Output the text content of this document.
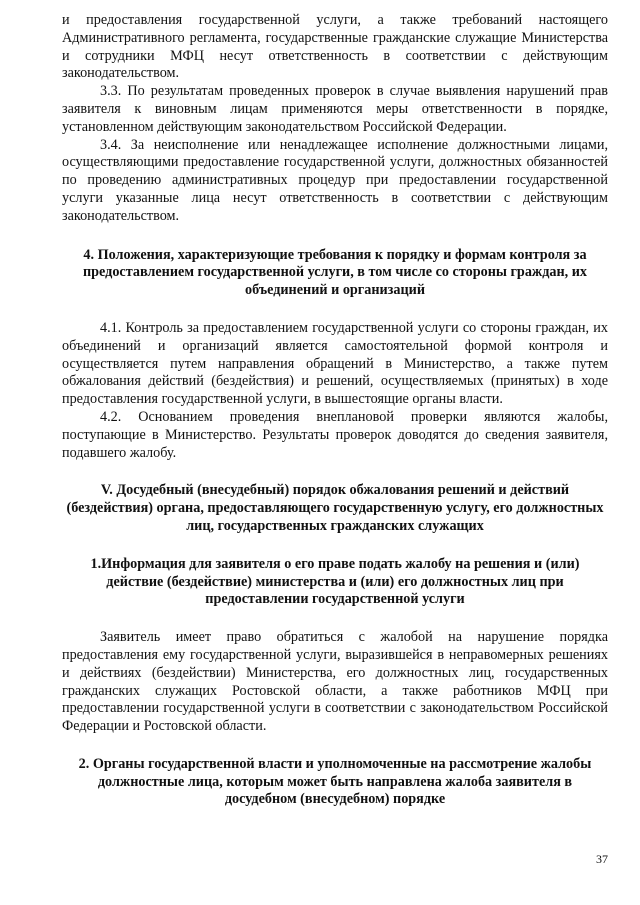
и предоставления государственной услуги, а также требований настоящего Административного регламента, государственные гражданские служащие Министерства и сотрудники МФЦ несут ответственность в соответствии с действующим законодательством.

3.3. По результатам проведенных проверок в случае выявления нарушений прав заявителя к виновным лицам применяются меры ответственности в порядке, установленном действующим законодательством Российской Федерации.

3.4. За неисполнение или ненадлежащее исполнение должностными лицами, осуществляющими предоставление государственной услуги, должностных обязанностей по проведению административных процедур при предоставлении государственной услуги указанные лица несут ответственность в соответствии с действующим законодательством.

4. Положения, характеризующие требования к порядку и формам контроля за предоставлением государственной услуги, в том числе со стороны граждан, их объединений и организаций

4.1. Контроль за предоставлением государственной услуги со стороны граждан, их объединений и организаций является самостоятельной формой контроля и осуществляется путем направления обращений в Министерство, а также путем обжалования действий (бездействия) и решений, осуществляемых (принятых) в ходе предоставления государственной услуги, в вышестоящие органы власти.

4.2. Основанием проведения внеплановой проверки являются жалобы, поступающие в Министерство. Результаты проверок доводятся до сведения заявителя, подавшего жалобу.

V. Досудебный (внесудебный) порядок обжалования решений и действий (бездействия) органа, предоставляющего государственную услугу, его должностных лиц, государственных гражданских служащих
1.Информация для заявителя о его праве подать жалобу на решения и (или) действие (бездействие) министерства и (или) его должностных лиц при предоставлении государственной услуги

Заявитель имеет право обратиться с жалобой на нарушение порядка предоставления ему государственной услуги, выразившейся в неправомерных решениях и действиях (бездействии) Министерства, его должностных лиц, государственных гражданских служащих Ростовской области, а также работников МФЦ при предоставлении государственной услуги в соответствии с законодательством Российской Федерации и Ростовской области.

2. Органы государственной власти и уполномоченные на рассмотрение жалобы должностные лица, которым может быть направлена жалоба заявителя в досудебном (внесудебном) порядке
37
